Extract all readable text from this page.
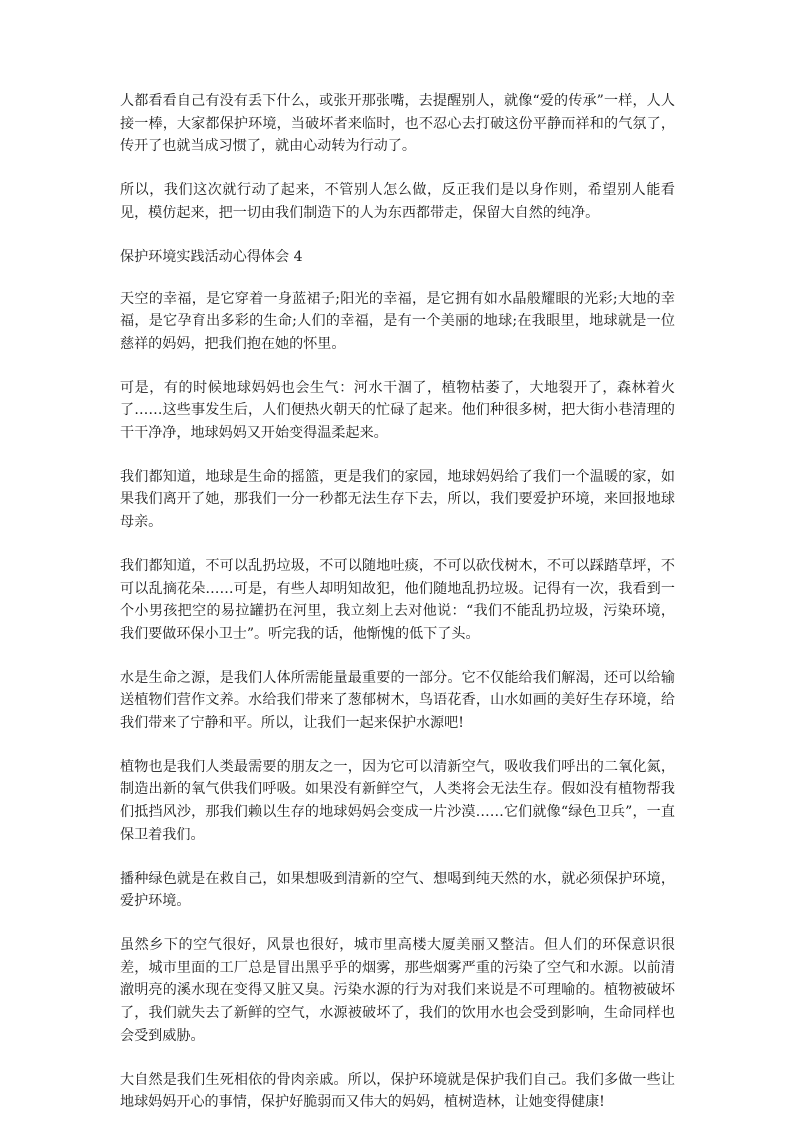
人都看看自己有没有丢下什么，或张开那张嘴，去提醒别人，就像“爱的传承”一样，人人接一棒，大家都保护环境，当破坏者来临时，也不忍心去打破这份平静而祥和的气氛了，传开了也就当成习惯了，就由心动转为行动了。

所以，我们这次就行动了起来，不管别人怎么做，反正我们是以身作则，希望别人能看见，模仿起来，把一切由我们制造下的人为东西都带走，保留大自然的纯净。

保护环境实践活动心得体会 4

天空的幸福，是它穿着一身蓝裙子;阳光的幸福，是它拥有如水晶般耀眼的光彩;大地的幸福，是它孕育出多彩的生命;人们的幸福，是有一个美丽的地球;在我眼里，地球就是一位慈祥的妈妈，把我们抱在她的怀里。

可是，有的时候地球妈妈也会生气：河水干涸了，植物枯萎了，大地裂开了，森林着火了……这些事发生后，人们便热火朝天的忙碌了起来。他们种很多树，把大街小巷清理的干干净净，地球妈妈又开始变得温柔起来。

我们都知道，地球是生命的摇篮，更是我们的家园，地球妈妈给了我们一个温暖的家，如果我们离开了她，那我们一分一秒都无法生存下去，所以，我们要爱护环境，来回报地球母亲。

我们都知道，不可以乱扔垃圾，不可以随地吐痰，不可以砍伐树木，不可以踩踏草坪，不可以乱摘花朵……可是，有些人却明知故犯，他们随地乱扔垃圾。记得有一次，我看到一个小男孩把空的易拉罐扔在河里，我立刻上去对他说：“我们不能乱扔垃圾，污染环境，我们要做环保小卫士”。听完我的话，他惭愧的低下了头。

水是生命之源，是我们人体所需能量最重要的一部分。它不仅能给我们解渴，还可以给输送植物们营作文养。水给我们带来了葱郁树木，鸟语花香，山水如画的美好生存环境，给我们带来了宁静和平。所以，让我们一起来保护水源吧!

植物也是我们人类最需要的朋友之一，因为它可以清新空气，吸收我们呼出的二氧化氮，制造出新的氧气供我们呼吸。如果没有新鲜空气，人类将会无法生存。假如没有植物帮我们抵挡风沙，那我们赖以生存的地球妈妈会变成一片沙漠……它们就像“绿色卫兵”，一直保卫着我们。

播种绿色就是在救自己，如果想吸到清新的空气、想喝到纯天然的水，就必须保护环境，爱护环境。

虽然乡下的空气很好，风景也很好，城市里高楼大厦美丽又整洁。但人们的环保意识很差，城市里面的工厂总是冒出黑乎乎的烟雾，那些烟雾严重的污染了空气和水源。以前清澈明亮的溪水现在变得又脏又臭。污染水源的行为对我们来说是不可理喻的。植物被破坏了，我们就失去了新鲜的空气，水源被破坏了，我们的饮用水也会受到影响，生命同样也会受到威胁。

大自然是我们生死相依的骨肉亲戚。所以，保护环境就是保护我们自己。我们多做一些让地球妈妈开心的事情，保护好脆弱而又伟大的妈妈，植树造林，让她变得健康!
